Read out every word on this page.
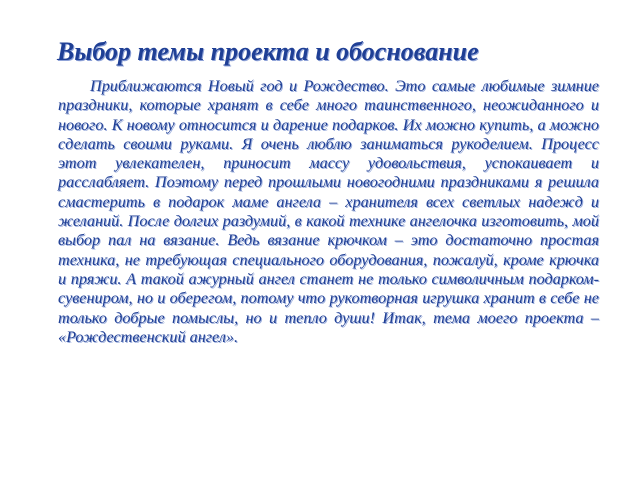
Выбор темы проекта и обоснование

Приближаются Новый год и Рождество. Это самые любимые зимние праздники, которые хранят в себе много таинственного, неожиданного и нового. К новому относится и дарение подарков. Их можно купить, а можно сделать своими руками. Я очень люблю заниматься рукоделием. Процесс этот увлекателен, приносит массу удовольствия, успокаивает и расслабляет. Поэтому перед прошлыми новогодними праздниками я решила смастерить в подарок маме ангела – хранителя всех светлых надежд и желаний. После долгих раздумий, в какой технике ангелочка изготовить, мой выбор пал на вязание. Ведь вязание крючком – это достаточно простая техника, не требующая специального оборудования, пожалуй, кроме крючка и пряжи. А такой ажурный ангел станет не только символичным подарком-сувениром, но и оберегом, потому что рукотворная игрушка хранит в себе не только добрые помыслы, но и тепло души! Итак, тема моего проекта – «Рождественский ангел».
